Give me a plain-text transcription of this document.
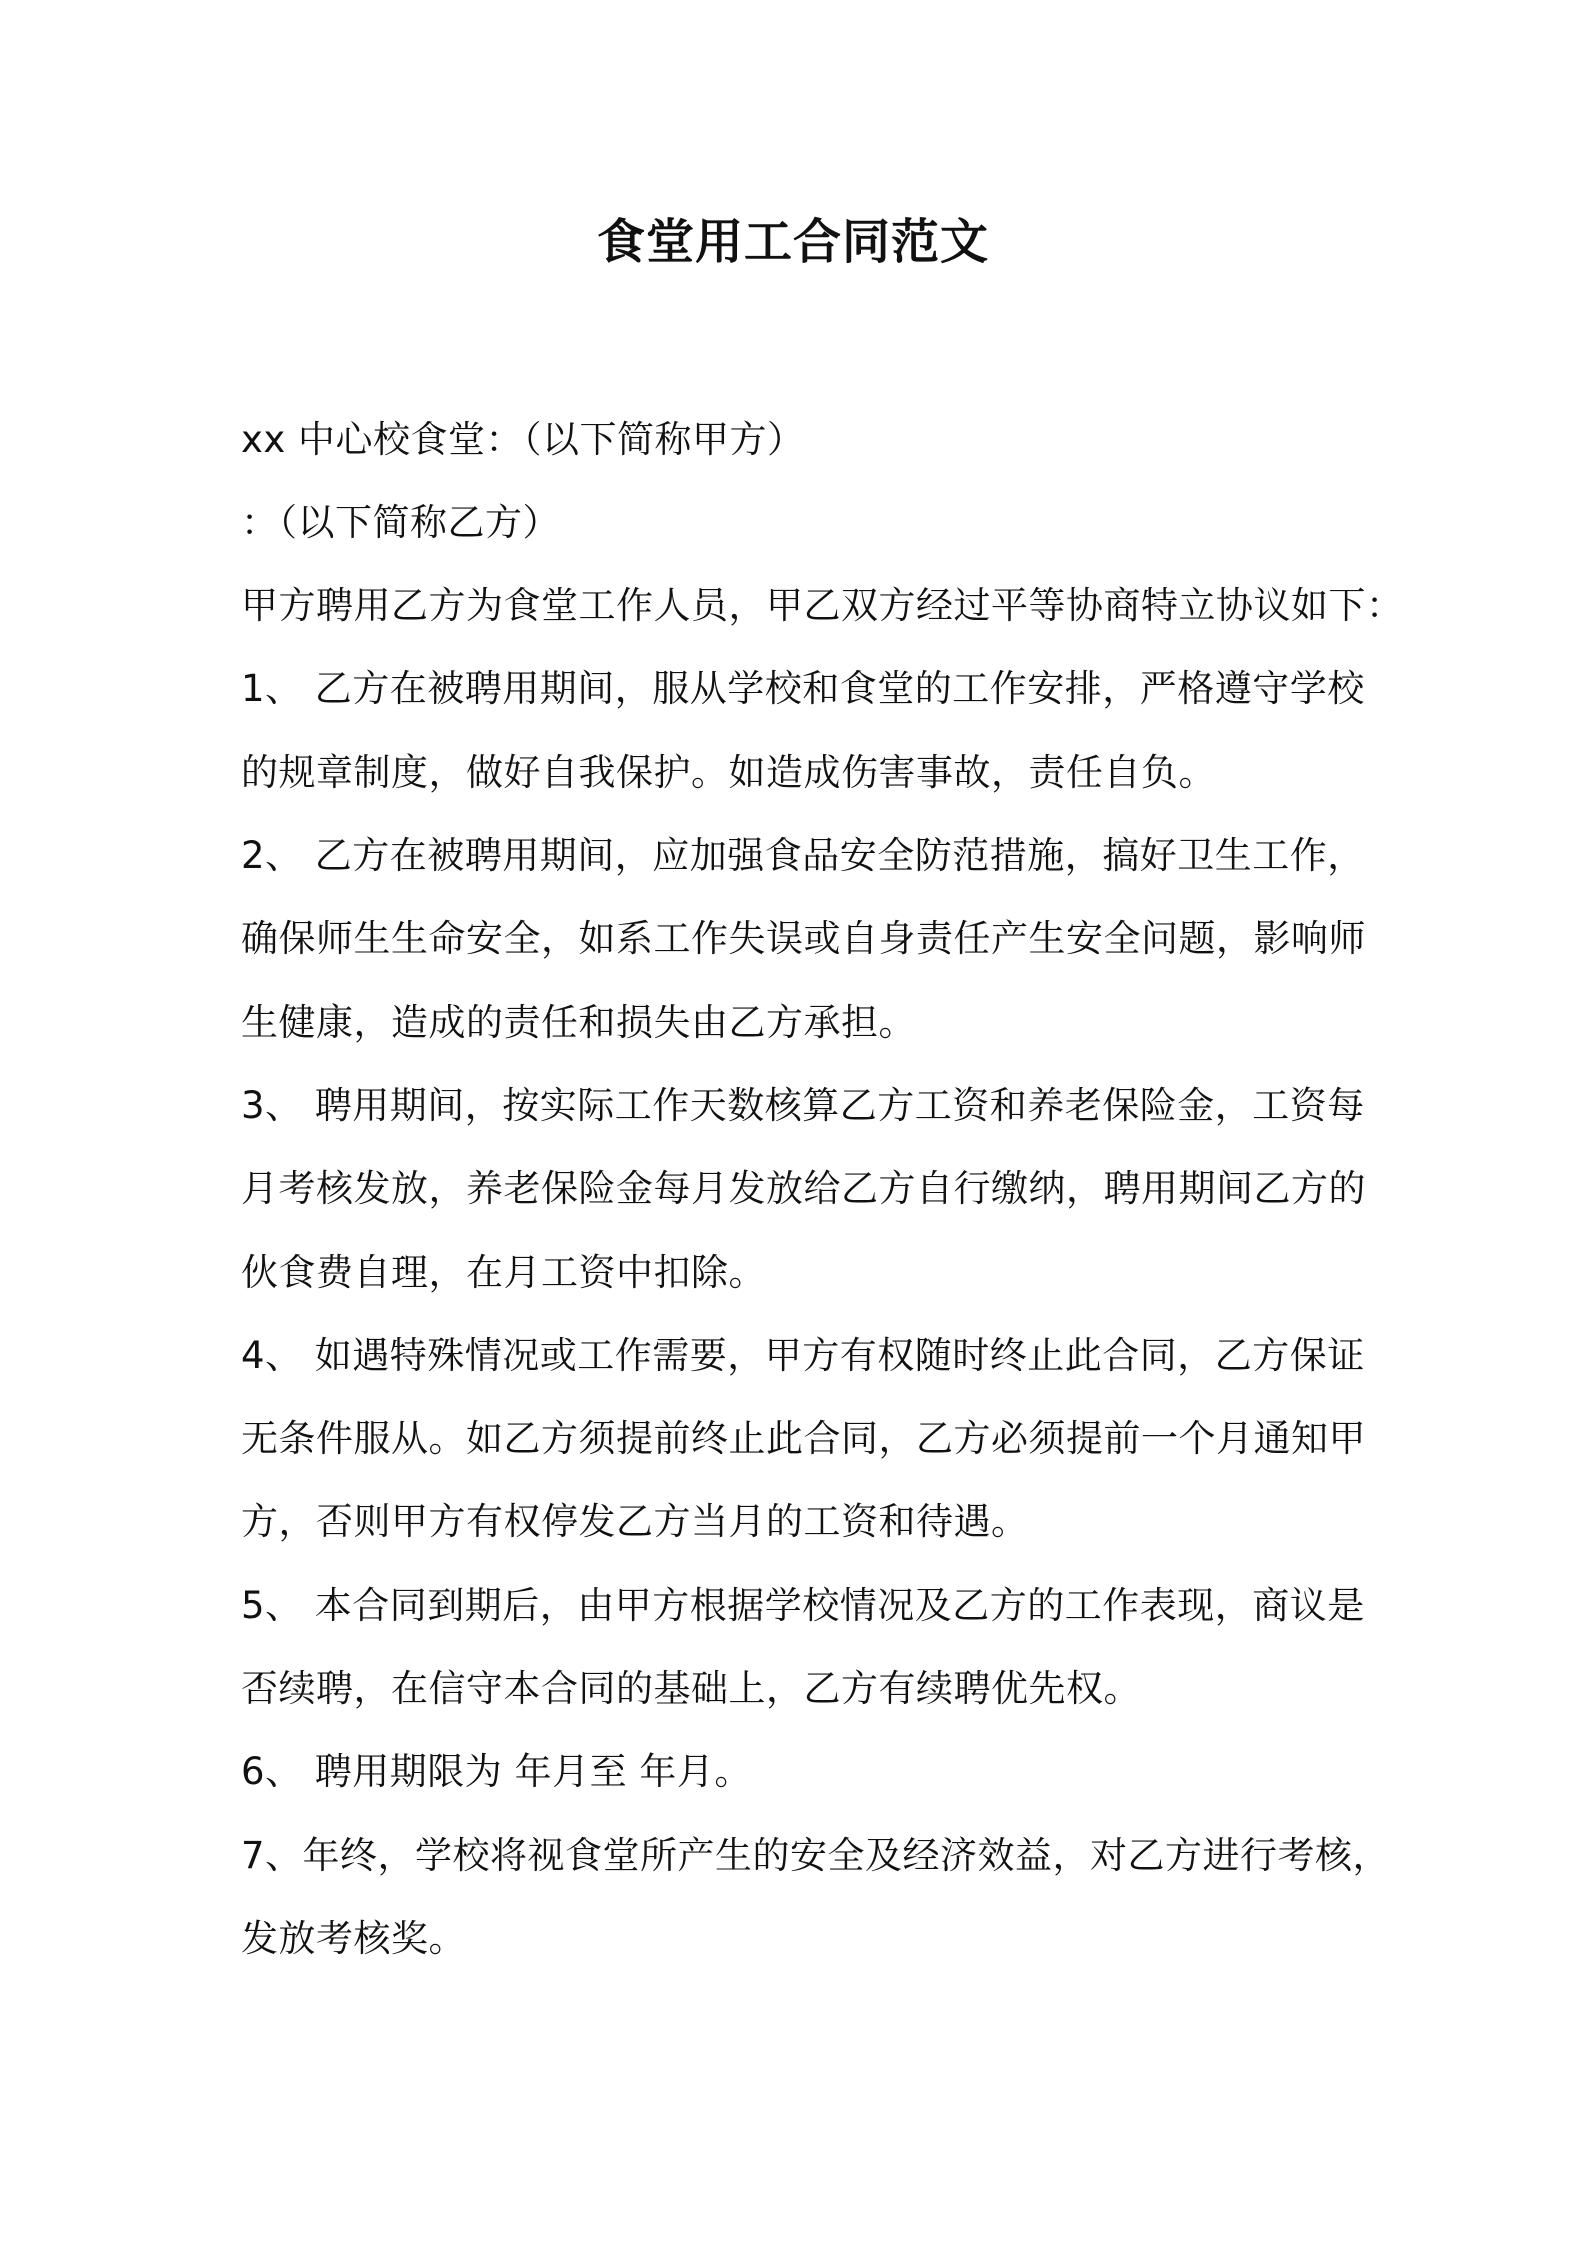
食堂用工合同范文
xx 中心校食堂：（以下简称甲方）
：（以下简称乙方）
甲方聘用乙方为食堂工作人员，甲乙双方经过平等协商特立协议如下：
1、 乙方在被聘用期间，服从学校和食堂的工作安排，严格遵守学校
的规章制度，做好自我保护。如造成伤害事故，责任自负。
2、 乙方在被聘用期间，应加强食品安全防范措施，搞好卫生工作，
确保师生生命安全，如系工作失误或自身责任产生安全问题，影响师
生健康，造成的责任和损失由乙方承担。
3、 聘用期间，按实际工作天数核算乙方工资和养老保险金，工资每
月考核发放，养老保险金每月发放给乙方自行缴纳，聘用期间乙方的
伙食费自理，在月工资中扣除。
4、 如遇特殊情况或工作需要，甲方有权随时终止此合同，乙方保证
无条件服从。如乙方须提前终止此合同，乙方必须提前一个月通知甲
方，否则甲方有权停发乙方当月的工资和待遇。
5、 本合同到期后，由甲方根据学校情况及乙方的工作表现，商议是
否续聘，在信守本合同的基础上，乙方有续聘优先权。
6、 聘用期限为 年月至 年月。
7、年终，学校将视食堂所产生的安全及经济效益，对乙方进行考核，
发放考核奖。
